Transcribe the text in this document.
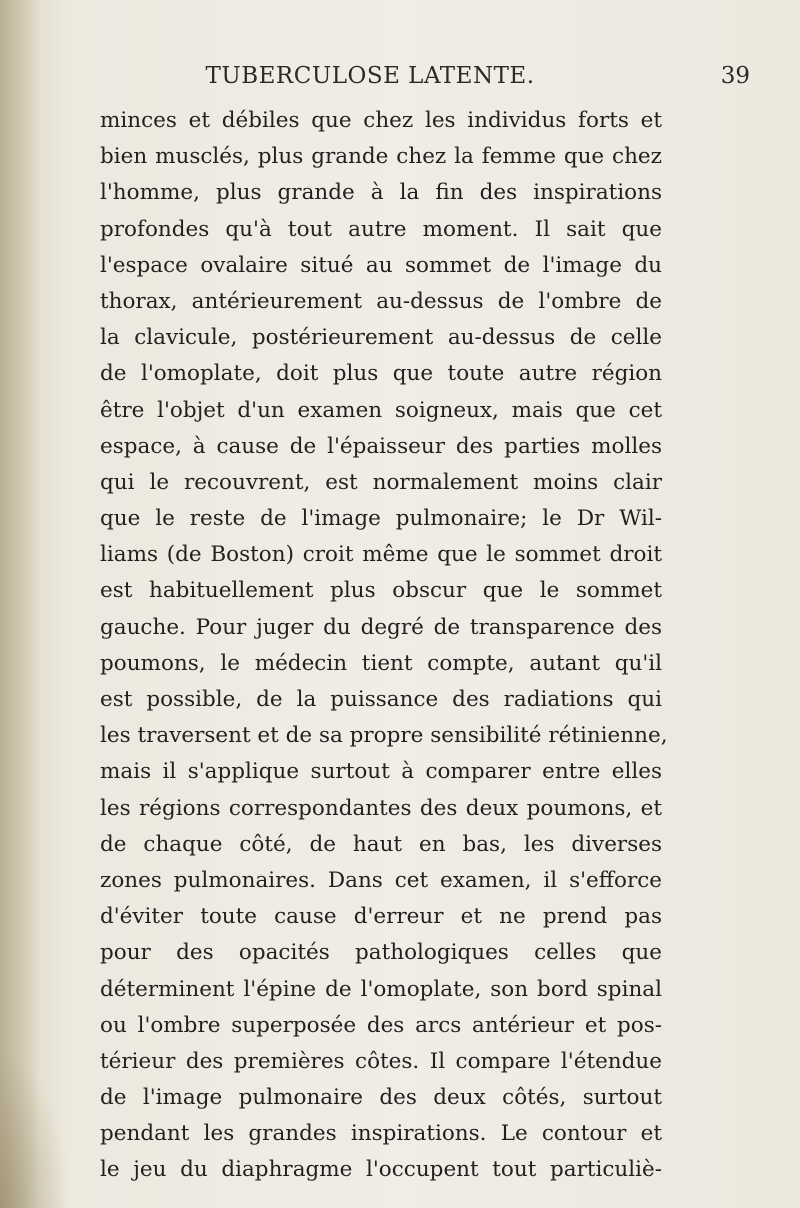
TUBERCULOSE LATENTE.	39
minces et débiles que chez les individus forts et
bien musclés, plus grande chez la femme que chez
l'homme, plus grande à la fin des inspirations
profondes qu'à tout autre moment. Il sait que
l'espace ovalaire situé au sommet de l'image du
thorax, antérieurement au-dessus de l'ombre de
la clavicule, postérieurement au-dessus de celle
de l'omoplate, doit plus que toute autre région
être l'objet d'un examen soigneux, mais que cet
espace, à cause de l'épaisseur des parties molles
qui le recouvrent, est normalement moins clair
que le reste de l'image pulmonaire; le Dr Wil-
liams (de Boston) croit même que le sommet droit
est habituellement plus obscur que le sommet
gauche. Pour juger du degré de transparence des
poumons, le médecin tient compte, autant qu'il
est possible, de la puissance des radiations qui
les traversent et de sa propre sensibilité rétinienne,
mais il s'applique surtout à comparer entre elles
les régions correspondantes des deux poumons, et
de chaque côté, de haut en bas, les diverses
zones pulmonaires. Dans cet examen, il s'efforce
d'éviter toute cause d'erreur et ne prend pas
pour des opacités pathologiques celles que
déterminent l'épine de l'omoplate, son bord spinal
ou l'ombre superposée des arcs antérieur et pos-
térieur des premières côtes. Il compare l'étendue
de l'image pulmonaire des deux côtés, surtout
pendant les grandes inspirations. Le contour et
le jeu du diaphragme l'occupent tout particuliè-
